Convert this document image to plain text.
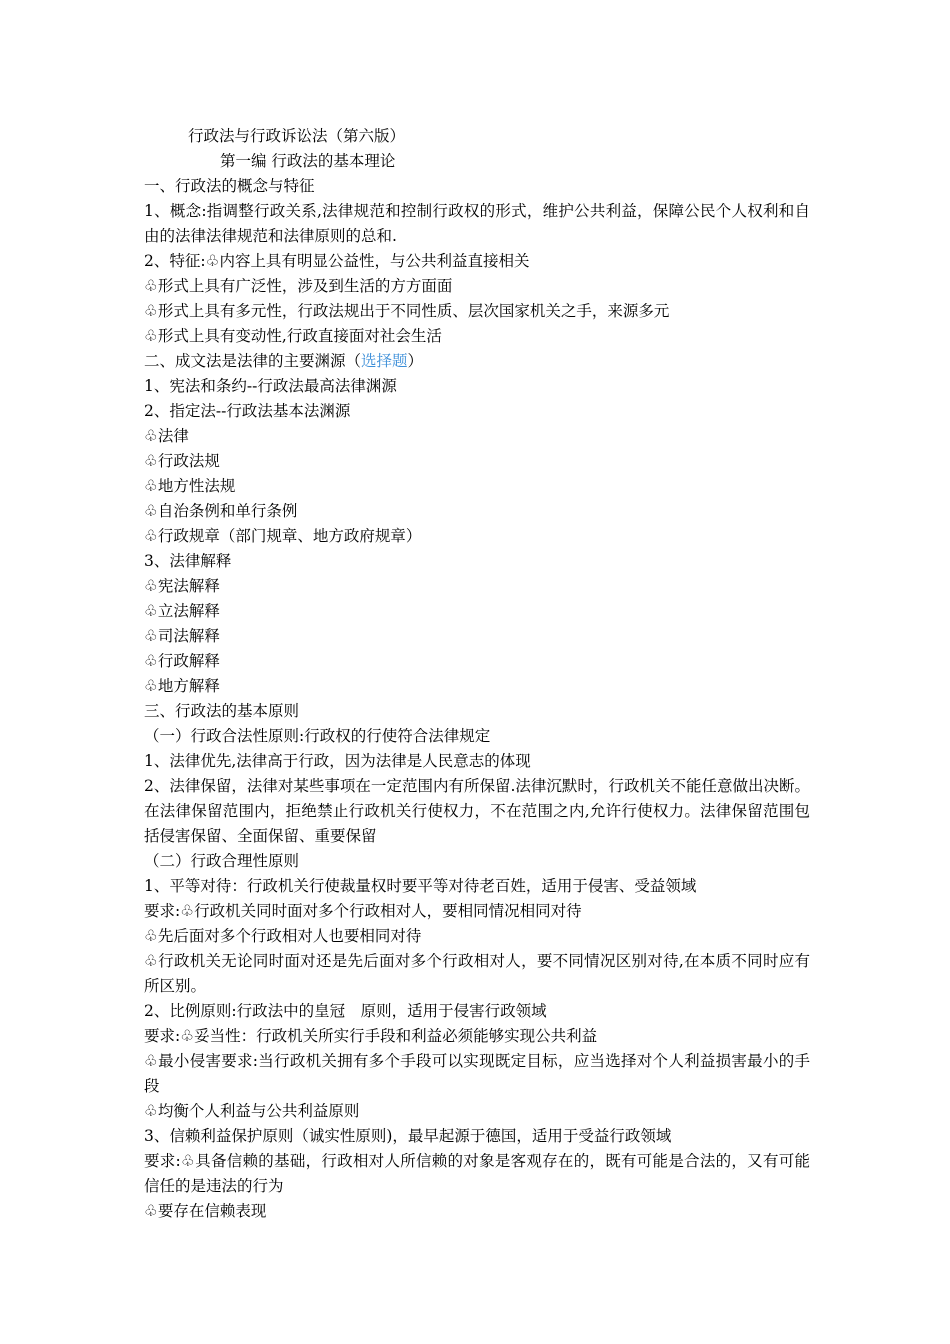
行政法与行政诉讼法（第六版）
第一编 行政法的基本理论
一、行政法的概念与特征
1、概念:指调整行政关系,法律规范和控制行政权的形式，维护公共利益，保障公民个人权利和自由的法律法律规范和法律原则的总和.
2、特征:♧内容上具有明显公益性，与公共利益直接相关
♧形式上具有广泛性，涉及到生活的方方面面
♧形式上具有多元性，行政法规出于不同性质、层次国家机关之手，来源多元
♧形式上具有变动性,行政直接面对社会生活
二、成文法是法律的主要渊源（选择题）
1、宪法和条约--行政法最高法律渊源
2、指定法--行政法基本法渊源
♧法律
♧行政法规
♧地方性法规
♧自治条例和单行条例
♧行政规章（部门规章、地方政府规章）
3、法律解释
♧宪法解释
♧立法解释
♧司法解释
♧行政解释
♧地方解释
三、行政法的基本原则
（一）行政合法性原则:行政权的行使符合法律规定
1、法律优先,法律高于行政，因为法律是人民意志的体现
2、法律保留，法律对某些事项在一定范围内有所保留.法律沉默时，行政机关不能任意做出决断。在法律保留范围内，拒绝禁止行政机关行使权力，不在范围之内,允许行使权力。法律保留范围包括侵害保留、全面保留、重要保留
（二）行政合理性原则
1、平等对待：行政机关行使裁量权时要平等对待老百姓，适用于侵害、受益领域
要求:♧行政机关同时面对多个行政相对人，要相同情况相同对待
♧先后面对多个行政相对人也要相同对待
♧行政机关无论同时面对还是先后面对多个行政相对人，要不同情况区别对待,在本质不同时应有所区别。
2、比例原则:行政法中的皇冠　原则，适用于侵害行政领域
要求:♧妥当性：行政机关所实行手段和利益必须能够实现公共利益
♧最小侵害要求:当行政机关拥有多个手段可以实现既定目标，应当选择对个人利益损害最小的手段
♧均衡个人利益与公共利益原则
3、信赖利益保护原则（诚实性原则)，最早起源于德国，适用于受益行政领域
要求:♧具备信赖的基础，行政相对人所信赖的对象是客观存在的，既有可能是合法的，又有可能信任的是违法的行为
♧要存在信赖表现
